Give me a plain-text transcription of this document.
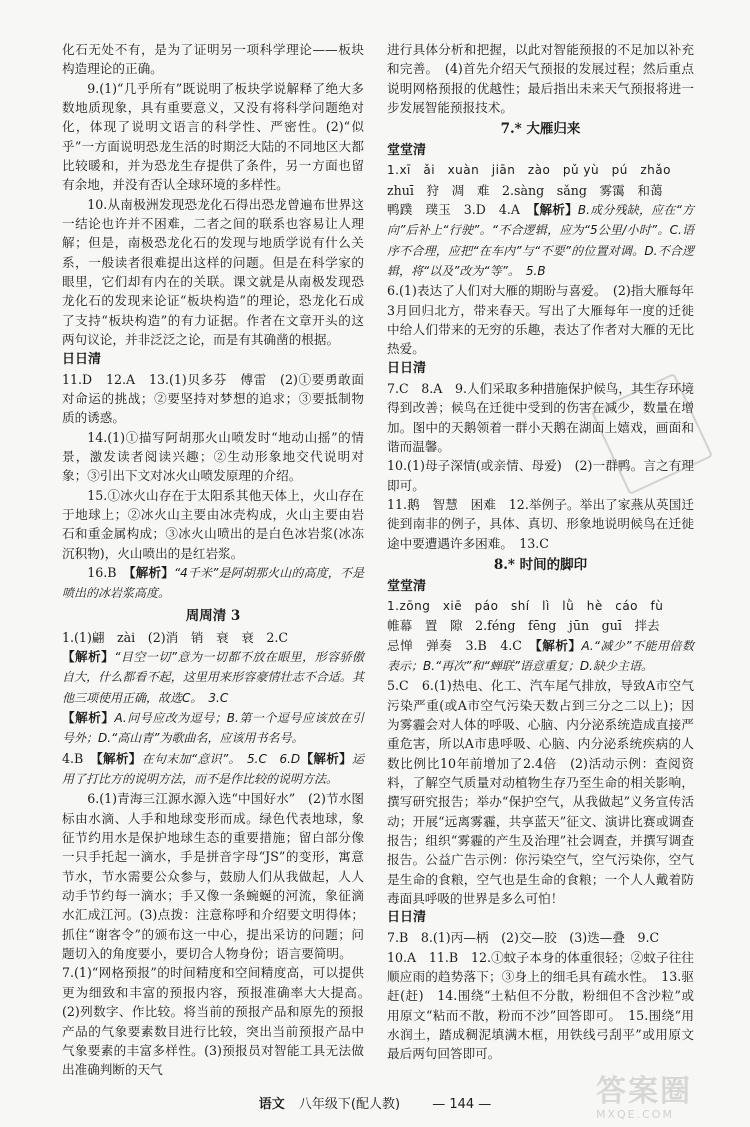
化石无处不有，是为了证明另一项科学理论——板块构造理论的正确。

9.(1)“几乎所有”既说明了板块学说解释了绝大多数地质现象，具有重要意义，又没有将科学问题绝对化，体现了说明文语言的科学性、严密性。(2)“似乎”一方面说明恐龙生活的时期泛大陆的不同地区大都比较暖和，并为恐龙生存提供了条件，另一方面也留有余地，并没有否认全球环境的多样性。

10.从南极洲发现恐龙化石得出恐龙曾遍布世界这一结论也许并不困难，二者之间的联系也容易让人理解；但是，南极恐龙化石的发现与地质学说有什么关系，一般读者很难提出这样的问题。但是在科学家的眼里，它们却有内在的关联。课文就是从南极发现恐龙化石的发现来论证“板块构造”的理论，恐龙化石成了支持“板块构造”的有力证据。作者在文章开头的这两句议论，并非泛泛之论，而是有其确凿的根据。

日日清

11.D　12.A　13.(1)贝多芬　傅雷　(2)①要勇敢面对命运的挑战；②要坚持对梦想的追求；③要抵制物质的诱惑。

14.(1)①描写阿胡那火山喷发时“地动山摇”的情景，激发读者阅读兴趣；②生动形象地交代说明对象；③引出下文对冰火山喷发原理的介绍。

15.①冰火山存在于太阳系其他天体上，火山存在于地球上；②冰火山主要由冰壳构成，火山主要由岩石和重金属构成；③冰火山喷出的是白色冰岩浆(冰冻沉积物)，火山喷出的是红岩浆。

16.B　【解析】“4千米”是阿胡那火山的高度，不是喷出的冰岩浆高度。

周周清 3

1.(1)翩　zài　(2)消　销　衰　衰　2.C

【解析】“目空一切”意为一切都不放在眼里，形容骄傲自大，什么都看不起，这里用来形容豪情壮志不合适。其他三项使用正确，故选C。　3.C

【解析】A.问号应改为逗号；B.第一个逗号应该放在引号外；D.“高山青”为歌曲名，应该用书名号。

4.B　【解析】在句末加“意识”。　5.C　6.D【解析】运用了打比方的说明方法，而不是作比较的说明方法。

6.(1)青海三江源水源入选“中国好水”　(2)节水图标由水滴、人手和地球变形而成。绿色代表地球，象征节约用水是保护地球生态的重要措施；留白部分像一只手托起一滴水，手是拼音字母“JS”的变形，寓意节水，节水需要公众参与，鼓励人们从我做起，人人动手节约每一滴水；手又像一条蜿蜒的河流，象征滴水汇成江河。(3)点拨：注意称呼和介绍要文明得体；抓住“谢客令”的颁布这一中心，提出采访的问题；问题切入的角度要小，要切合人物身份；语言要简明。

7.(1)“网格预报”的时间精度和空间精度高，可以提供更为细致和丰富的预报内容，预报准确率大大提高。　(2)列数字、作比较。将当前的预报产品和原先的预报产品的气象要素数目进行比较，突出当前预报产品中气象要素的丰富多样性。(3)预报员对智能工具无法做出准确判断的天气

进行具体分析和把握，以此对智能预报的不足加以补充和完善。　(4)首先介绍天气预报的发展过程；然后重点说明网格预报的优越性；最后指出未来天气预报将进一步发展智能预报技术。

7.* 大雁归来

堂堂清

1.xī　ǎi　xuàn　jiān　zào　pǔ yù　pú　zhǎo

zhuī　狩　凋　难　2.sàng　sǎng　雾霭　和蔼

鸭蹼　璞玉　3.D　4.A　【解析】B.成分残缺，应在“方向”后补上“行驶”。“不合逻辑，应为“5公里/小时”。C.语序不合理，应把“在车内”与“不要”的位置对调。D.不合逻辑，将“以及”改为“等”。　5.B

6.(1)表达了人们对大雁的期盼与喜爱。　(2)指大雁每年3月回归北方，带来春天。写出了大雁每年一度的迁徙中给人们带来的无穷的乐趣，表达了作者对大雁的无比热爱。

日日清

7.C　8.A　9.人们采取多种措施保护候鸟，其生存环境得到改善；候鸟在迁徙中受到的伤害在减少，数量在增加。图中的天鹅领着一群小天鹅在湖面上嬉戏，画面和谐而温馨。

10.(1)母子深情(或亲情、母爱)　(2)一群鸭。言之有理即可。

11.鹅　智慧　困难　12.举例子。举出了家燕从英国迁徙到南非的例子，具体、真切、形象地说明候鸟在迁徙途中要遭遇许多困难。　13.C

8.* 时间的脚印

堂堂清

1.zōng　xiē　páo　shí　lì　lǜ　hè　cáo　fù

帷幕　置　隙　2.féng　fēng　jūn　guī　拌去

忌惮　弹奏　3.B　4.C　【解析】A.“减少”不能用倍数表示；B.“再次”和“蝉联”语意重复；D.缺少主语。

5.C　6.(1)热电、化工、汽车尾气排放，导致A市空气污染严重(或A市空气污染天数占到三分之二以上)；因为雾霾会对人体的呼吸、心脑、内分泌系统造成直接严重危害，所以A市患呼吸、心脑、内分泌系统疾病的人数比例比10年前增加了2.4倍　(2)活动示例：查阅资料，了解空气质量对动植物生存乃至生命的相关影响，撰写研究报告；举办“保护空气，从我做起”义务宣传活动；开展“远离雾霾，共享蓝天”征文、演讲比赛或调查报告；组织“雾霾的产生及治理”社会调查，并撰写调查报告。公益广告示例：你污染空气，空气污染你，空气是生命的食粮，空气也是生命的食粮；一个人人戴着防毒面具呼吸的世界是多么可怕！

日日清

7.B　8.(1)丙—柄　(2)交—胶　(3)迭—叠　9.C

10.A　11.B　12.①蚊子本身的体重很轻；②蚊子往往顺应雨的趋势落下；③身上的细毛具有疏水性。　13.驱赶(赶)　14.围绕“土粘但不分散，粉细但不含沙粒”或用原文“粘而不散，粉而不沙”回答即可。　15.围绕“用水润土，踏成稠泥填满木框，用铁线弓刮平”或用原文最后两句回答即可。

语文 八年级下(配人教) — 144 —	答案圈
MXQE.COM
